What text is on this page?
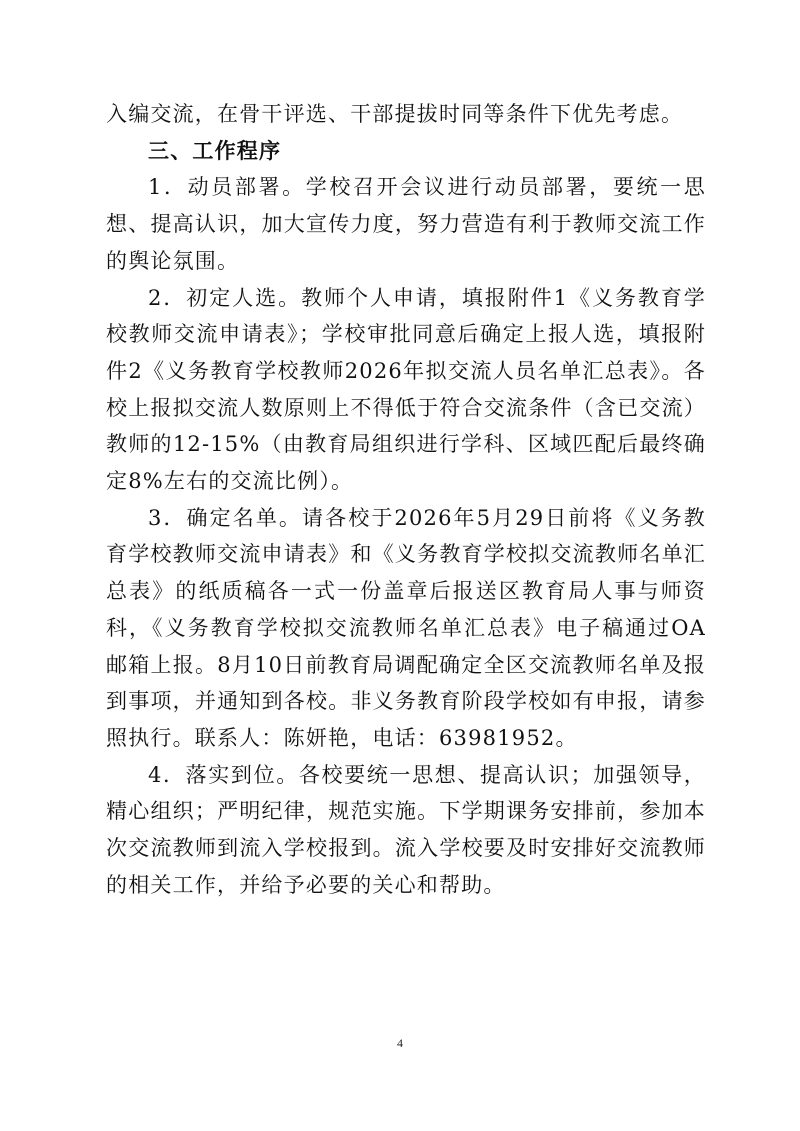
入编交流，在骨干评选、干部提拔时同等条件下优先考虑。

三、工作程序

1．动员部署。学校召开会议进行动员部署，要统一思想、提高认识，加大宣传力度，努力营造有利于教师交流工作的舆论氛围。

2．初定人选。教师个人申请，填报附件1《义务教育学校教师交流申请表》；学校审批同意后确定上报人选，填报附件2《义务教育学校教师2026年拟交流人员名单汇总表》。各校上报拟交流人数原则上不得低于符合交流条件（含已交流）教师的12-15%（由教育局组织进行学科、区域匹配后最终确定8%左右的交流比例）。

3．确定名单。请各校于2026年5月29日前将《义务教育学校教师交流申请表》和《义务教育学校拟交流教师名单汇总表》的纸质稿各一式一份盖章后报送区教育局人事与师资科，《义务教育学校拟交流教师名单汇总表》电子稿通过OA邮箱上报。8月10日前教育局调配确定全区交流教师名单及报到事项，并通知到各校。非义务教育阶段学校如有申报，请参照执行。联系人：陈妍艳，电话：63981952。

4．落实到位。各校要统一思想、提高认识；加强领导，精心组织；严明纪律，规范实施。下学期课务安排前，参加本次交流教师到流入学校报到。流入学校要及时安排好交流教师的相关工作，并给予必要的关心和帮助。

4
